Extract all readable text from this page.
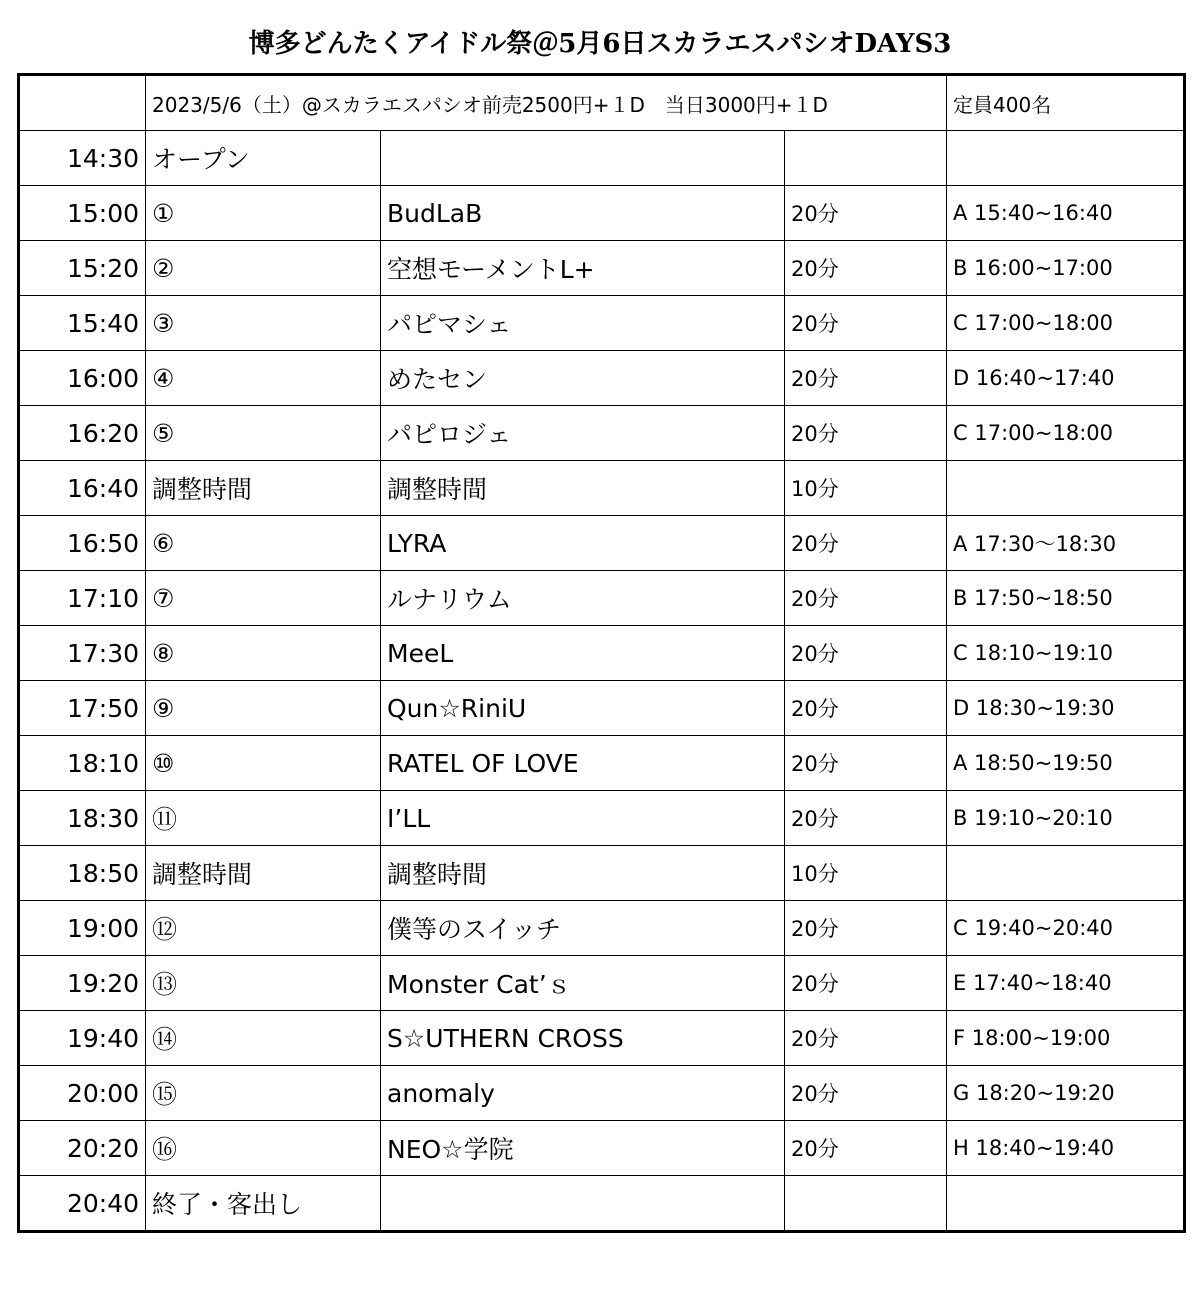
博多どんたくアイドル祭＠5月6日スカラエスパシオDAYS3
	2023/5/6（土）@スカラエスパシオ前売2500円+１D　当日3000円+１D			定員400名
14:30	オープン			
15:00	①	BudLaB	20分	A 15:40~16:40
15:20	②	空想モーメントL+	20分	B 16:00~17:00
15:40	③	パピマシェ	20分	C 17:00~18:00
16:00	④	めたセン	20分	D 16:40~17:40
16:20	⑤	パピロジェ	20分	C 17:00~18:00
16:40	調整時間	調整時間	10分	
16:50	⑥	LYRA	20分	A 17:30〜18:30
17:10	⑦	ルナリウム	20分	B 17:50~18:50
17:30	⑧	MeeL	20分	C 18:10~19:10
17:50	⑨	Qun☆RiniU	20分	D 18:30~19:30
18:10	⑩	RATEL OF LOVE	20分	A 18:50~19:50
18:30	⑪	I’LL	20分	B 19:10~20:10
18:50	調整時間	調整時間	10分	
19:00	⑫	僕等のスイッチ	20分	C 19:40~20:40
19:20	⑬	Monster Cat’ｓ	20分	E 17:40~18:40
19:40	⑭	S☆UTHERN CROSS	20分	F 18:00~19:00
20:00	⑮	anomaly	20分	G 18:20~19:20
20:20	⑯	NEO☆学院	20分	H 18:40~19:40
20:40	終了・客出し			
